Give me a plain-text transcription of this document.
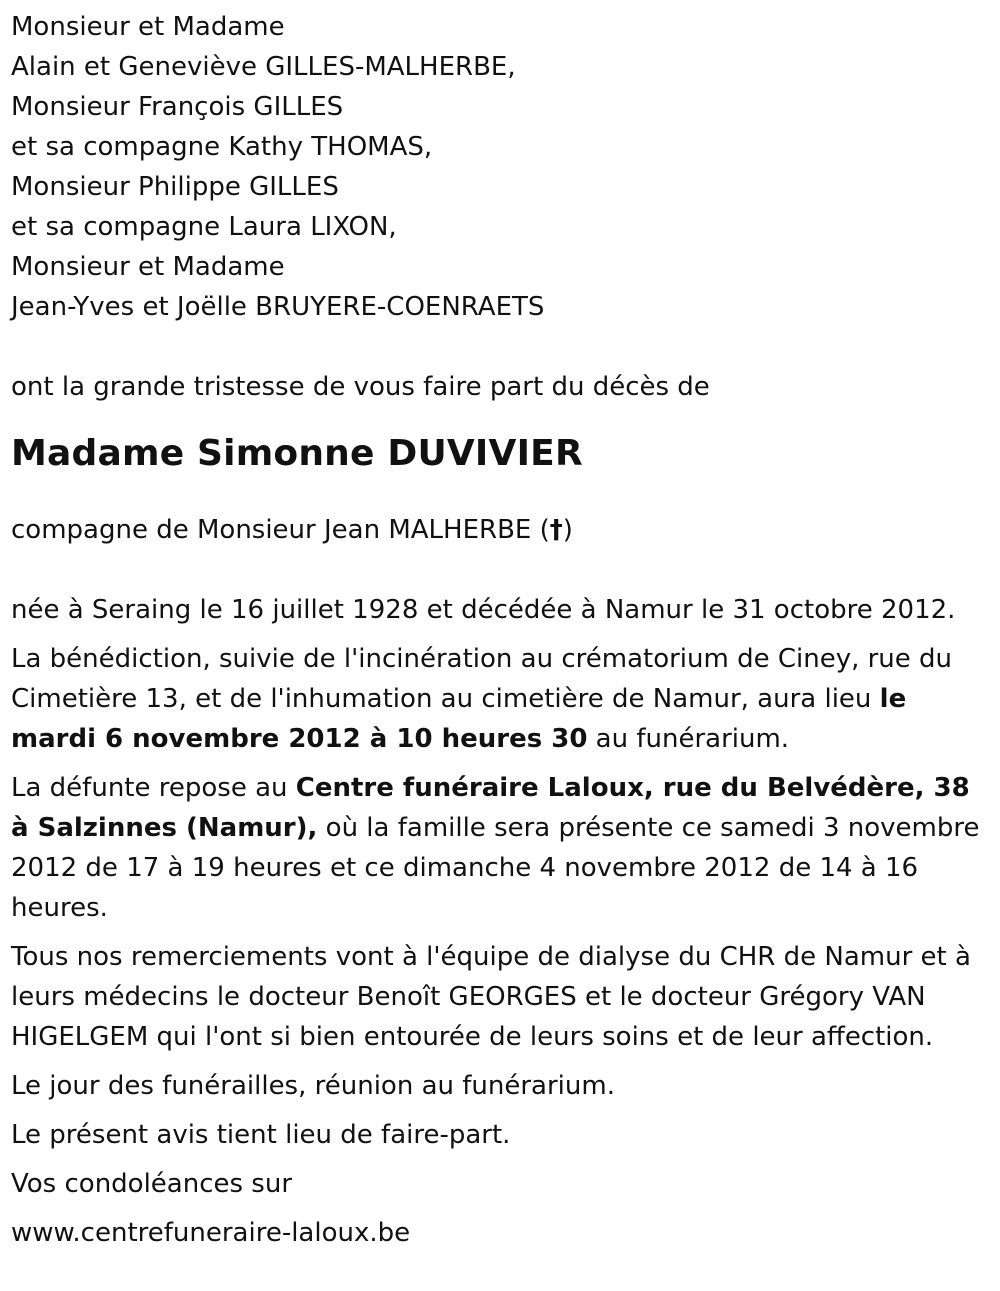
Monsieur et Madame
Alain et Geneviève GILLES-MALHERBE,
Monsieur François GILLES
et sa compagne Kathy THOMAS,
Monsieur Philippe GILLES
et sa compagne Laura LIXON,
Monsieur et Madame
Jean-Yves et Joëlle BRUYERE-COENRAETS
ont la grande tristesse de vous faire part du décès de
Madame Simonne DUVIVIER
compagne de Monsieur Jean MALHERBE (†)
née à Seraing le 16 juillet 1928 et décédée à Namur le 31 octobre 2012.
La bénédiction, suivie de l'incinération au crématorium de Ciney, rue du Cimetière 13, et de l'inhumation au cimetière de Namur, aura lieu le mardi 6 novembre 2012 à 10 heures 30 au funérarium.
La défunte repose au Centre funéraire Laloux, rue du Belvédère, 38 à Salzinnes (Namur), où la famille sera présente ce samedi 3 novembre 2012 de 17 à 19 heures et ce dimanche 4 novembre 2012 de 14 à 16 heures.
Tous nos remerciements vont à l'équipe de dialyse du CHR de Namur et à leurs médecins le docteur Benoît GEORGES et le docteur Grégory VAN HIGELGEM qui l'ont si bien entourée de leurs soins et de leur affection.
Le jour des funérailles, réunion au funérarium.
Le présent avis tient lieu de faire-part.
Vos condoléances sur
www.centrefuneraire-laloux.be
